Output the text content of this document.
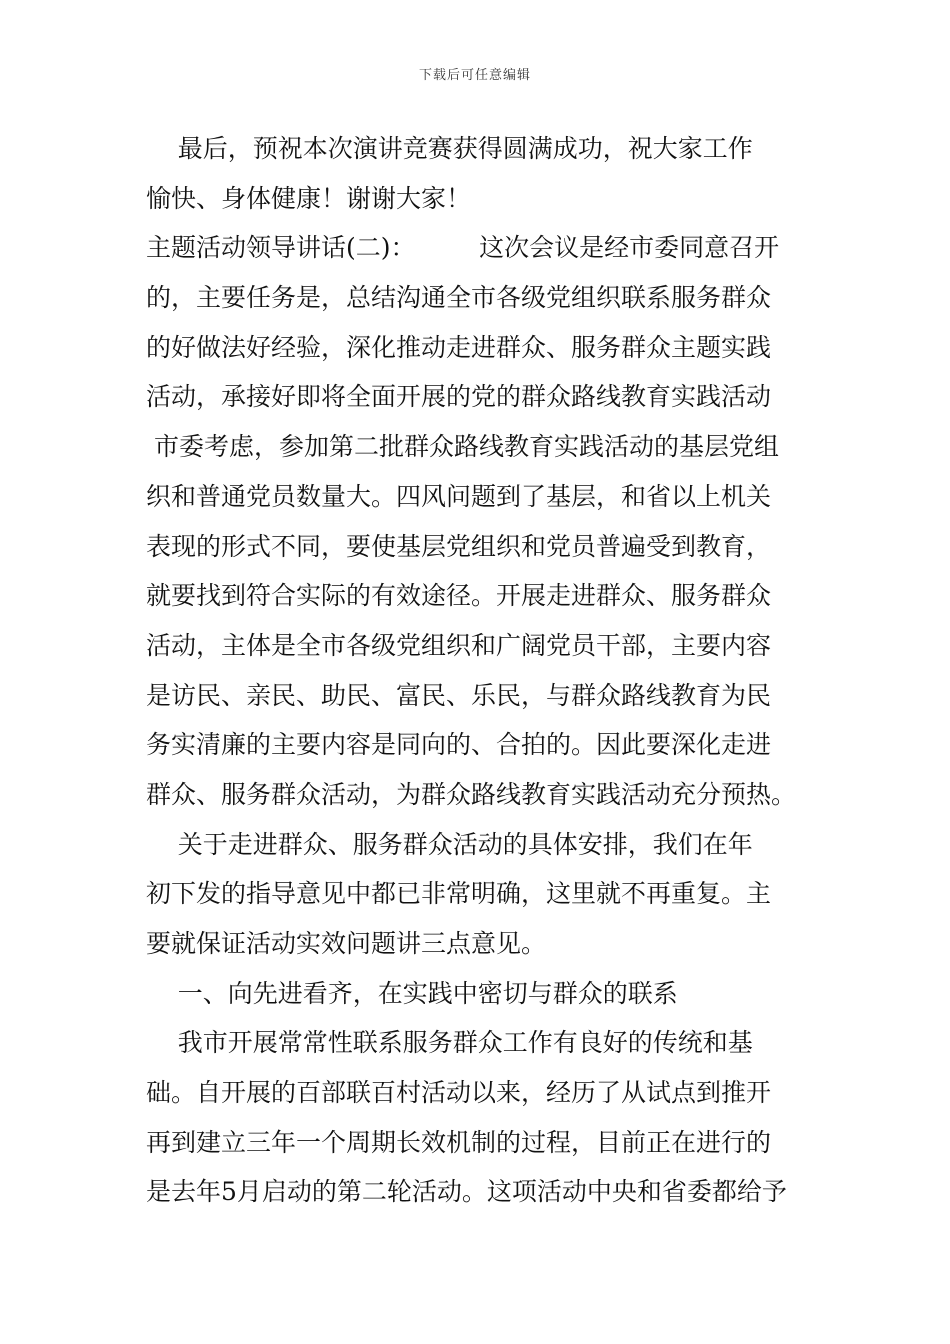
下载后可任意编辑
最后，预祝本次演讲竞赛获得圆满成功，祝大家工作
愉快、身体健康！谢谢大家！
主题活动领导讲话(二)：        这次会议是经市委同意召开
的，主要任务是，总结沟通全市各级党组织联系服务群众
的好做法好经验，深化推动走进群众、服务群众主题实践
活动，承接好即将全面开展的党的群众路线教育实践活动
市委考虑，参加第二批群众路线教育实践活动的基层党组
织和普通党员数量大。四风问题到了基层，和省以上机关
表现的形式不同，要使基层党组织和党员普遍受到教育，
就要找到符合实际的有效途径。开展走进群众、服务群众
活动，主体是全市各级党组织和广阔党员干部，主要内容
是访民、亲民、助民、富民、乐民，与群众路线教育为民
务实清廉的主要内容是同向的、合拍的。因此要深化走进
群众、服务群众活动，为群众路线教育实践活动充分预热。
关于走进群众、服务群众活动的具体安排，我们在年
初下发的指导意见中都已非常明确，这里就不再重复。主
要就保证活动实效问题讲三点意见。
一、向先进看齐，在实践中密切与群众的联系
我市开展常常性联系服务群众工作有良好的传统和基
础。自开展的百部联百村活动以来，经历了从试点到推开
再到建立三年一个周期长效机制的过程，目前正在进行的
是去年5月启动的第二轮活动。这项活动中央和省委都给予
